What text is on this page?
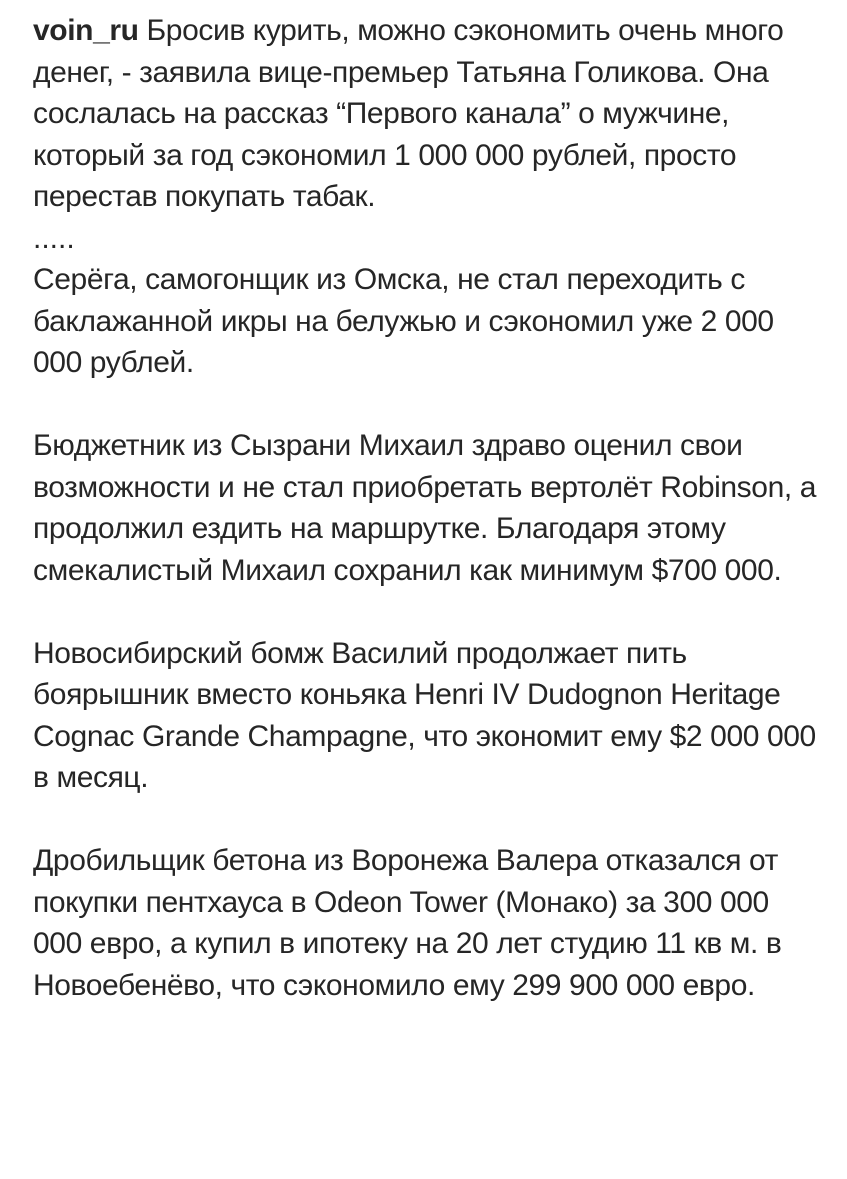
voin_ru Бросив курить, можно сэкономить очень много денег, - заявила вице-премьер Татьяна Голикова. Она сослалась на рассказ “Первого канала” о мужчине, который за год сэкономил 1 000 000 рублей, просто перестав покупать табак.

.....

Серёга, самогонщик из Омска, не стал переходить с баклажанной икры на белужью и сэкономил уже 2 000 000 рублей.

Бюджетник из Сызрани Михаил здраво оценил свои возможности и не стал приобретать вертолёт Robinson, а продолжил ездить на маршрутке. Благодаря этому смекалистый Михаил сохранил как минимум $700 000.

Новосибирский бомж Василий продолжает пить боярышник вместо коньяка Henri IV Dudognon Heritage Cognac Grande Champagne, что экономит ему $2 000 000 в месяц.

Дробильщик бетона из Воронежа Валера отказался от покупки пентхауса в Odeon Tower (Монако) за 300 000 000 евро, а купил в ипотеку на 20 лет студию 11 кв м. в Новоебенёво, что сэкономило ему 299 900 000 евро.
